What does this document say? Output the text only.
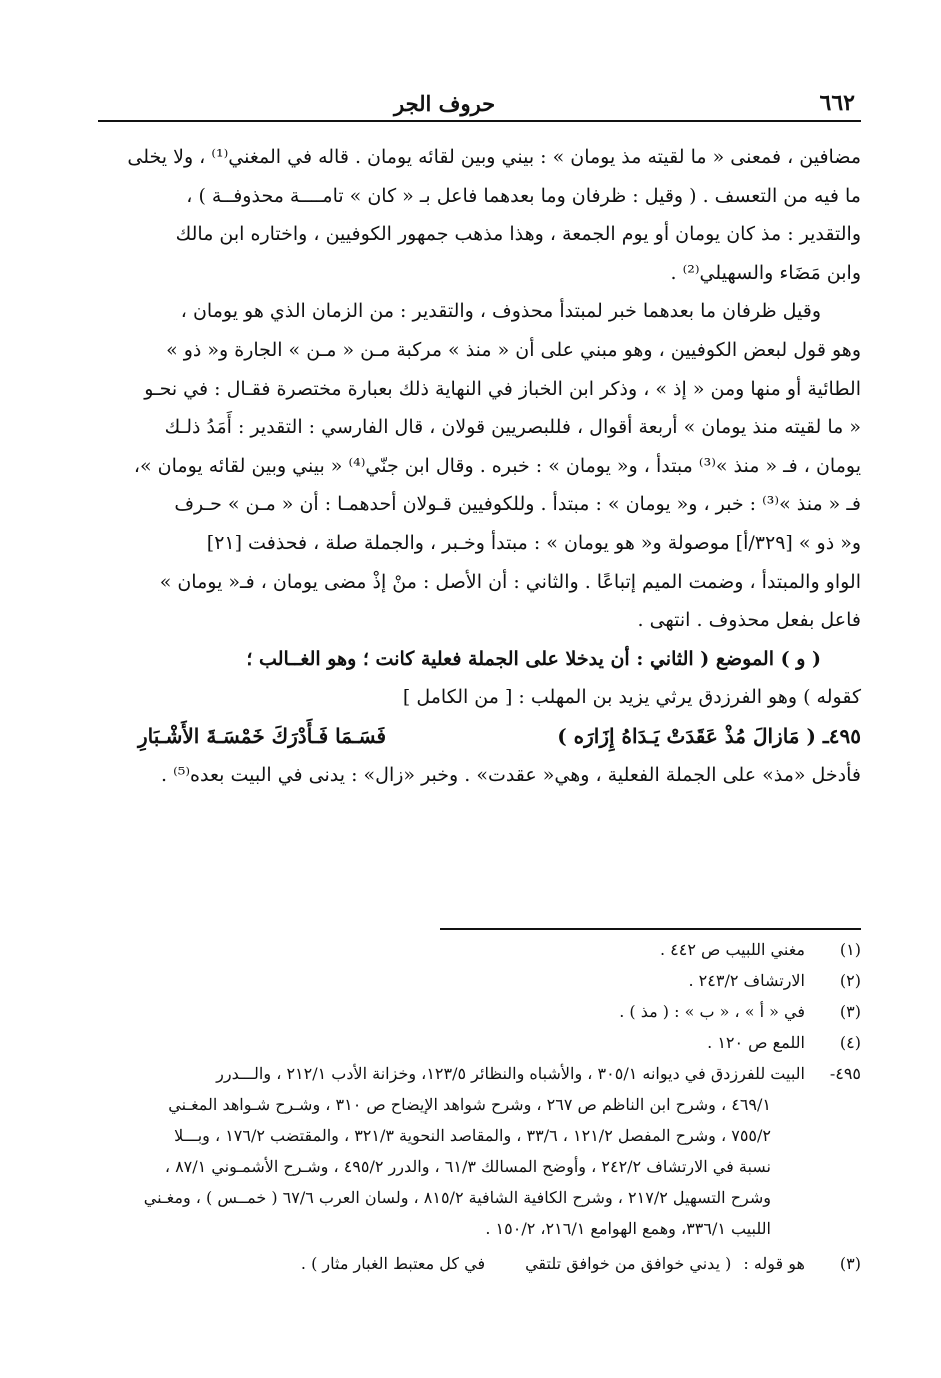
٦٦٢
حروف الجر

مضافين ، فمعنى « ما لقيته مذ يومان » : بيني وبين لقائه يومان . قاله في المغني⁽¹⁾ ، ولا يخلى

ما فيه من التعسف . ( وقيل : ظرفان وما بعدهما فاعل بـ « كان » تامــــة محذوفــة ) ،

والتقدير : مذ كان يومان أو يوم الجمعة ، وهذا مذهب جمهور الكوفيين ، واختاره ابن مالك

وابن مَضَاء والسهيلي⁽²⁾ .

وقيل ظرفان ما بعدهما خبر لمبتدأ محذوف ، والتقدير : من الزمان الذي هو يومان ،

وهو قول لبعض الكوفيين ، وهو مبني على أن « منذ » مركبة مـن « مـن » الجارة و« ذو »

الطائية أو منها ومن « إذ » ، وذكر ابن الخباز في النهاية ذلك بعبارة مختصرة فقـال : في نحـو

« ما لقيته منذ يومان » أربعة أقوال ، فللبصريين قولان ، قال الفارسي : التقدير : أَمَدُ ذلـك

يومان ، فـ « منذ »⁽³⁾ مبتدأ ، و« يومان » : خبره . وقال ابن جنّي⁽⁴⁾ « بيني وبين لقائه يومان »،

فـ « منذ »⁽³⁾ : خبر ، و« يومان » : مبتدأ . وللكوفيين قـولان أحدهمـا : أن « مـن » حـرف

و« ذو » [٣٢٩/أ] موصولة و« هو يومان » : مبتدأ وخـبر ، والجملة صلة ، فحذفت [٢١]

الواو والمبتدأ ، وضمت الميم إتباعًا . والثاني : أن الأصل : منْ إذْ مضى يومان ، فـ« يومان »

فاعل بفعل محذوف . انتهى .

( و ) الموضع ( الثاني : أن يدخلا على الجملة فعلية كانت ؛ وهو الغــالب ؛

كقوله ) وهو الفرزدق يرثي يزيد بن المهلب : [ من الكامل ]

٤٩٥ـ ( مَازالَ مُذْ عَقَدَتْ يَـدَاهُ إِزَارَه )
فَسَـمَا فَـأَدْرَكَ خَمْسَـةَ الأَشْـبَارِ

فأدخل «مذ» على الجملة الفعلية ، وهي« عقدت» . وخبر «زال» : يدنى في البيت بعده⁽⁵⁾ .

(١)
مغني اللبيب ص ٤٤٢ .
(٢)
الارتشاف ٢٤٣/٢ .
(٣)
في « أ » ، « ب » : ( مذ ) .
(٤)
اللمع ص ١٢٠ .
٤٩٥-
البيت للفرزدق في ديوانه ٣٠٥/١ ، والأشباه والنظائر ١٢٣/٥، وخزانة الأدب ٢١٢/١ ، والـــدرر
٤٦٩/١ ، وشرح ابن الناظم ص ٢٦٧ ، وشرح شواهد الإيضاح ص ٣١٠ ، وشـرح شـواهد المغـني
٧٥٥/٢ ، وشرح المفصل ١٢١/٢ ، ٣٣/٦ ، والمقاصد النحوية ٣٢١/٣ ، والمقتضب ١٧٦/٢ ، وبـــلا
نسبة في الارتشاف ٢٤٢/٢ ، وأوضح المسالك ٦١/٣ ، والدرر ٤٩٥/٢ ، وشـرح الأشمـوني ٨٧/١ ،
وشرح التسهيل ٢١٧/٢ ، وشرح الكافية الشافية ٨١٥/٢ ، ولسان العرب ٦٧/٦ ( خمــس ) ، ومغـني
اللبيب ٣٣٦/١، وهمع الهوامع ٢١٦/١، ١٥٠/٢ .
(٣)
هو قوله :
( يدني خوافق من خوافق تلتقي
في كل معتبط الغبار مثار ) .
